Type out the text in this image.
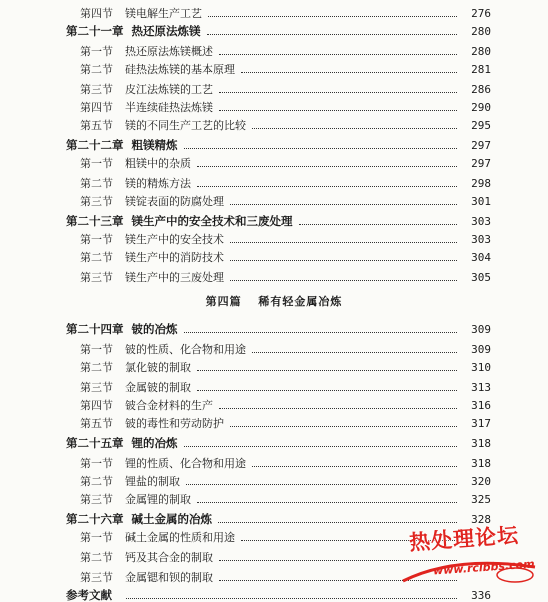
第四节 镁电解生产工艺	276
第二十一章 热还原法炼镁	280
第一节 热还原法炼镁概述	280
第二节 硅热法炼镁的基本原理	281
第三节 皮江法炼镁的工艺	286
第四节 半连续硅热法炼镁	290
第五节 镁的不同生产工艺的比较	295
第二十二章 粗镁精炼	297
第一节 粗镁中的杂质	297
第二节 镁的精炼方法	298
第三节 镁锭表面的防腐处理	301
第二十三章 镁生产中的安全技术和三废处理	303
第一节 镁生产中的安全技术	303
第二节 镁生产中的消防技术	304
第三节 镁生产中的三废处理	305
第二十四章 铍的冶炼	309
第一节 铍的性质、化合物和用途	309
第二节 氯化铍的制取	310
第三节 金属铍的制取	313
第四节 铍合金材料的生产	316
第五节 铍的毒性和劳动防护	317
第二十五章 锂的冶炼	318
第一节 锂的性质、化合物和用途	318
第二节 锂盐的制取	320
第三节 金属锂的制取	325
第二十六章 碱土金属的冶炼	328
第一节 碱土金属的性质和用途
第二节 钙及其合金的制取
第三节 金属锶和钡的制取
参考文献	336
第四篇 稀有轻金属冶炼
热处理论坛
www.rclbbs.com
